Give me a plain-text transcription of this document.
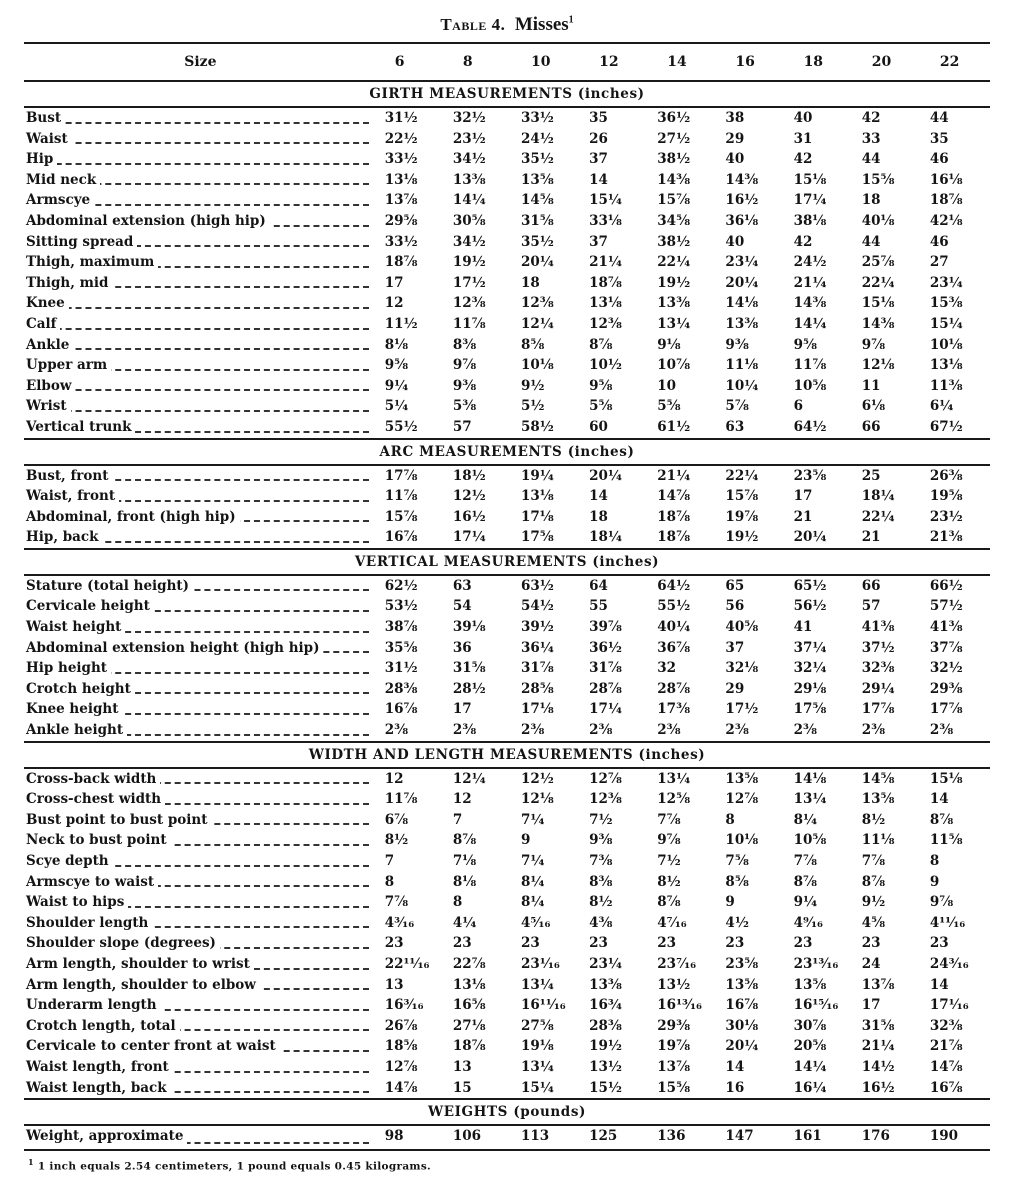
Table 4. Misses$^1$
Size	6	8	10	12	14	16	18	20	22
GIRTH MEASUREMENTS (inches)									

Bust	31½	32½	33½	35	36½	38	40	42	44

Waist	22½	23½	24½	26	27½	29	31	33	35

Hip	33½	34½	35½	37	38½	40	42	44	46

Mid neck	13⅛	13⅜	13⅝	14	14⅜	14⅜	15⅛	15⅝	16⅛

Armscye	13⅞	14¼	14⅝	15¼	15⅞	16½	17¼	18	18⅞

Abdominal extension (high hip)	29⅝	30⅝	31⅝	33⅛	34⅝	36⅛	38⅛	40⅛	42⅛

Sitting spread	33½	34½	35½	37	38½	40	42	44	46

Thigh, maximum	18⅞	19½	20¼	21¼	22¼	23¼	24½	25⅞	27

Thigh, mid	17	17½	18	18⅞	19½	20¼	21¼	22¼	23¼

Knee	12	12⅜	12⅜	13⅛	13⅜	14⅛	14⅜	15⅛	15⅜

Calf	11½	11⅞	12¼	12⅜	13¼	13⅜	14¼	14⅜	15¼

Ankle	8⅛	8⅜	8⅝	8⅞	9⅛	9⅜	9⅝	9⅞	10⅛

Upper arm	9⅝	9⅞	10⅛	10½	10⅞	11⅛	11⅞	12⅛	13⅛

Elbow	9¼	9⅜	9½	9⅝	10	10¼	10⅝	11	11⅜

Wrist	5¼	5⅜	5½	5⅝	5⅝	5⅞	6	6⅛	6¼

Vertical trunk	55½	57	58½	60	61½	63	64½	66	67½
ARC MEASUREMENTS (inches)									

Bust, front	17⅞	18½	19¼	20¼	21¼	22¼	23⅝	25	26⅜

Waist, front	11⅞	12½	13⅛	14	14⅞	15⅞	17	18¼	19⅝

Abdominal, front (high hip)	15⅞	16½	17⅛	18	18⅞	19⅞	21	22¼	23½

Hip, back	16⅞	17¼	17⅝	18¼	18⅞	19½	20¼	21	21⅜
VERTICAL MEASUREMENTS (inches)									

Stature (total height)	62½	63	63½	64	64½	65	65½	66	66½

Cervicale height	53½	54	54½	55	55½	56	56½	57	57½

Waist height	38⅞	39⅛	39½	39⅞	40¼	40⅝	41	41⅜	41⅜

Abdominal extension height (high hip)	35⅝	36	36¼	36½	36⅞	37	37¼	37½	37⅞

Hip height	31½	31⅝	31⅞	31⅞	32	32⅛	32¼	32⅜	32½

Crotch height	28⅜	28½	28⅝	28⅞	28⅞	29	29⅛	29¼	29⅜

Knee height	16⅞	17	17⅛	17¼	17⅜	17½	17⅝	17⅞	17⅞

Ankle height	2⅜	2⅜	2⅜	2⅜	2⅜	2⅜	2⅜	2⅜	2⅜
WIDTH AND LENGTH MEASUREMENTS (inches)									

Cross-back width	12	12¼	12½	12⅞	13¼	13⅝	14⅛	14⅝	15⅛

Cross-chest width	11⅞	12	12⅛	12⅜	12⅝	12⅞	13¼	13⅝	14

Bust point to bust point	6⅞	7	7¼	7½	7⅞	8	8¼	8½	8⅞

Neck to bust point	8½	8⅞	9	9⅜	9⅞	10⅛	10⅝	11⅛	11⅝

Scye depth	7	7⅛	7¼	7⅜	7½	7⅝	7⅞	7⅞	8

Armscye to waist	8	8⅛	8¼	8⅜	8½	8⅝	8⅞	8⅞	9

Waist to hips	7⅞	8	8¼	8½	8⅞	9	9¼	9½	9⅞

Shoulder length	4³⁄₁₆	4¼	4⁵⁄₁₆	4⅜	4⁷⁄₁₆	4½	4⁹⁄₁₆	4⅝	4¹¹⁄₁₆

Shoulder slope (degrees)	23	23	23	23	23	23	23	23	23

Arm length, shoulder to wrist	22¹¹⁄₁₆	22⅞	23¹⁄₁₆	23¼	23⁷⁄₁₆	23⅝	23¹³⁄₁₆	24	24³⁄₁₆

Arm length, shoulder to elbow	13	13⅛	13¼	13⅜	13½	13⅝	13⅝	13⅞	14

Underarm length	16³⁄₁₆	16⅝	16¹¹⁄₁₆	16¾	16¹³⁄₁₆	16⅞	16¹⁵⁄₁₆	17	17¹⁄₁₆

Crotch length, total	26⅞	27⅛	27⅝	28⅜	29⅜	30⅛	30⅞	31⅝	32⅜

Cervicale to center front at waist	18⅝	18⅞	19⅛	19½	19⅞	20¼	20⅝	21¼	21⅞

Waist length, front	12⅞	13	13¼	13½	13⅞	14	14¼	14½	14⅞

Waist length, back	14⅞	15	15¼	15½	15⅝	16	16¼	16½	16⅞
WEIGHTS (pounds)									

Weight, approximate	98	106	113	125	136	147	161	176	190
$^1$ 1 inch equals 2.54 centimeters, 1 pound equals 0.45 kilograms.
